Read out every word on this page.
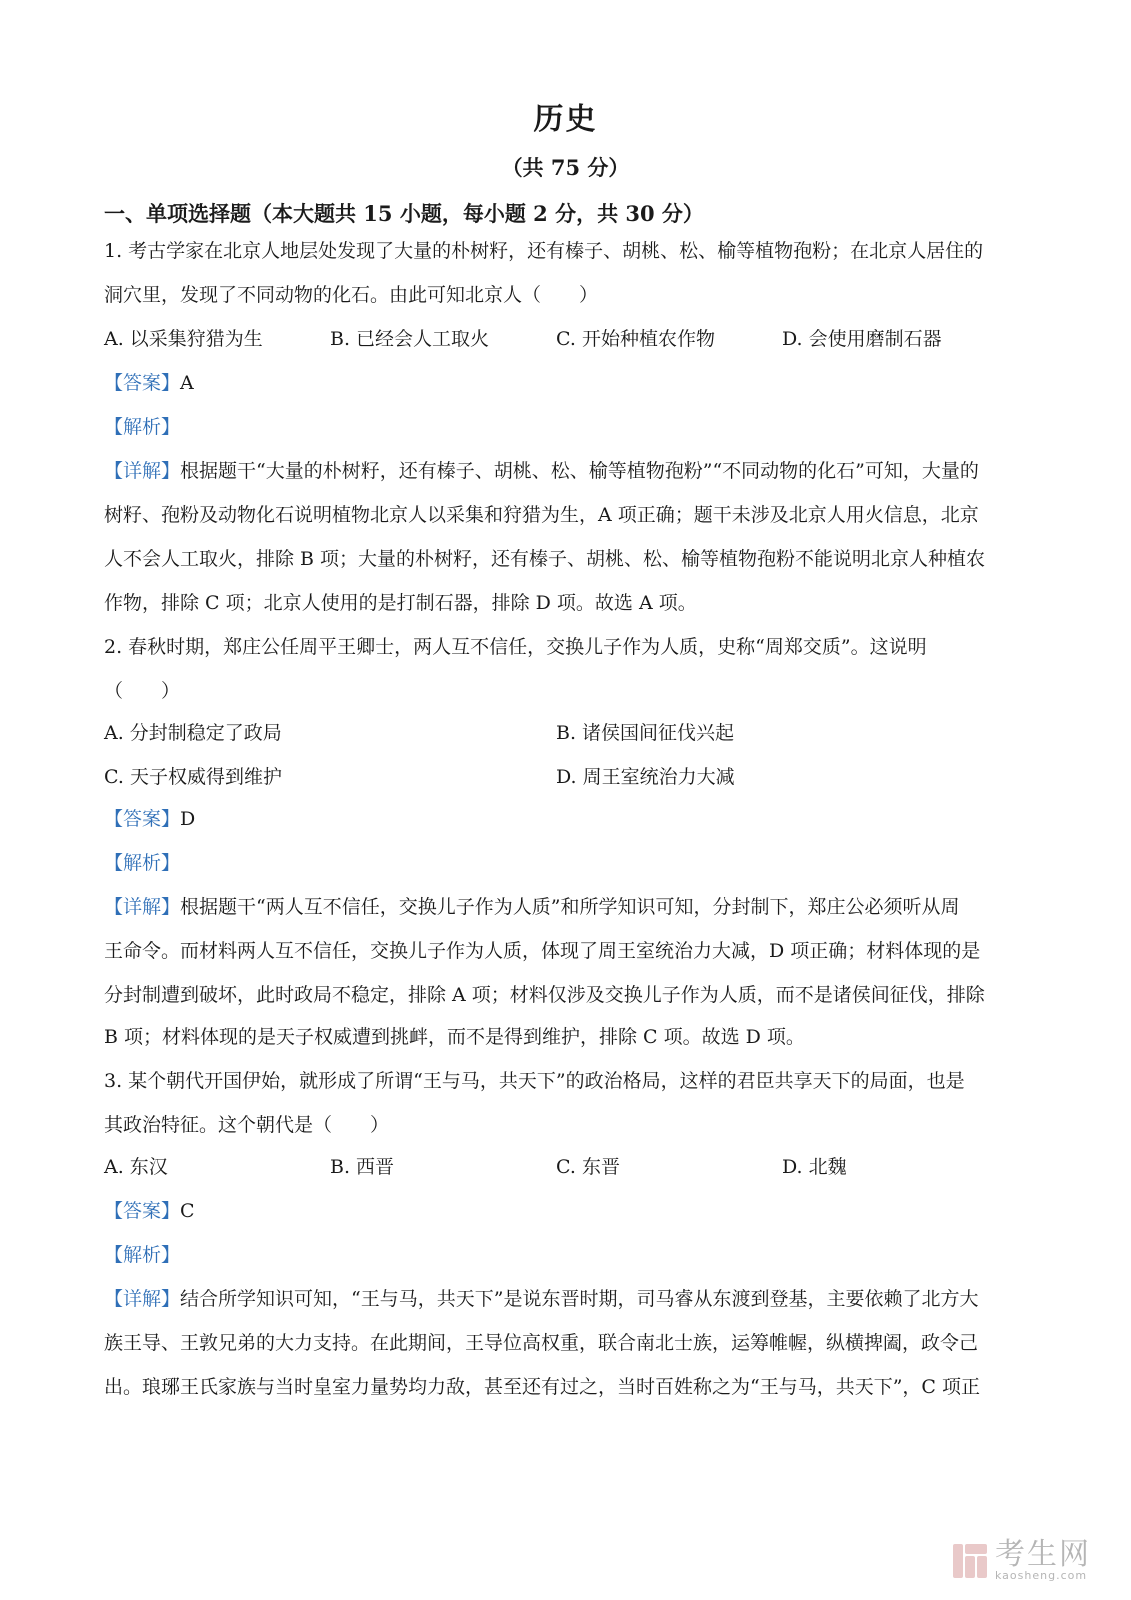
历史
（共 75 分）
一、单项选择题（本大题共 15 小题，每小题 2 分，共 30 分）
1. 考古学家在北京人地层处发现了大量的朴树籽，还有榛子、胡桃、松、榆等植物孢粉；在北京人居住的
洞穴里，发现了不同动物的化石。由此可知北京人（　　）
A. 以采集狩猎为生	B. 已经会人工取火	C. 开始种植农作物	D. 会使用磨制石器
【答案】A
【解析】
【详解】根据题干“大量的朴树籽，还有榛子、胡桃、松、榆等植物孢粉”“不同动物的化石”可知，大量的
树籽、孢粉及动物化石说明植物北京人以采集和狩猎为生，A 项正确；题干未涉及北京人用火信息，北京
人不会人工取火，排除 B 项；大量的朴树籽，还有榛子、胡桃、松、榆等植物孢粉不能说明北京人种植农
作物，排除 C 项；北京人使用的是打制石器，排除 D 项。故选 A 项。
2. 春秋时期，郑庄公任周平王卿士，两人互不信任，交换儿子作为人质，史称“周郑交质”。这说明
（　　）
A. 分封制稳定了政局	B. 诸侯国间征伐兴起
C. 天子权威得到维护	D. 周王室统治力大减
【答案】D
【解析】
【详解】根据题干“两人互不信任，交换儿子作为人质”和所学知识可知，分封制下，郑庄公必须听从周
王命令。而材料两人互不信任，交换儿子作为人质，体现了周王室统治力大减，D 项正确；材料体现的是
分封制遭到破坏，此时政局不稳定，排除 A 项；材料仅涉及交换儿子作为人质，而不是诸侯间征伐，排除
B 项；材料体现的是天子权威遭到挑衅，而不是得到维护，排除 C 项。故选 D 项。
3. 某个朝代开国伊始，就形成了所谓“王与马，共天下”的政治格局，这样的君臣共享天下的局面，也是
其政治特征。这个朝代是（　　）
A. 东汉	B. 西晋	C. 东晋	D. 北魏
【答案】C
【解析】
【详解】结合所学知识可知，“王与马，共天下”是说东晋时期，司马睿从东渡到登基，主要依赖了北方大
族王导、王敦兄弟的大力支持。在此期间，王导位高权重，联合南北士族，运筹帷幄，纵横捭阖，政令己
出。琅琊王氏家族与当时皇室力量势均力敌，甚至还有过之，当时百姓称之为“王与马，共天下”，C 项正
考生网
kaosheng.com
